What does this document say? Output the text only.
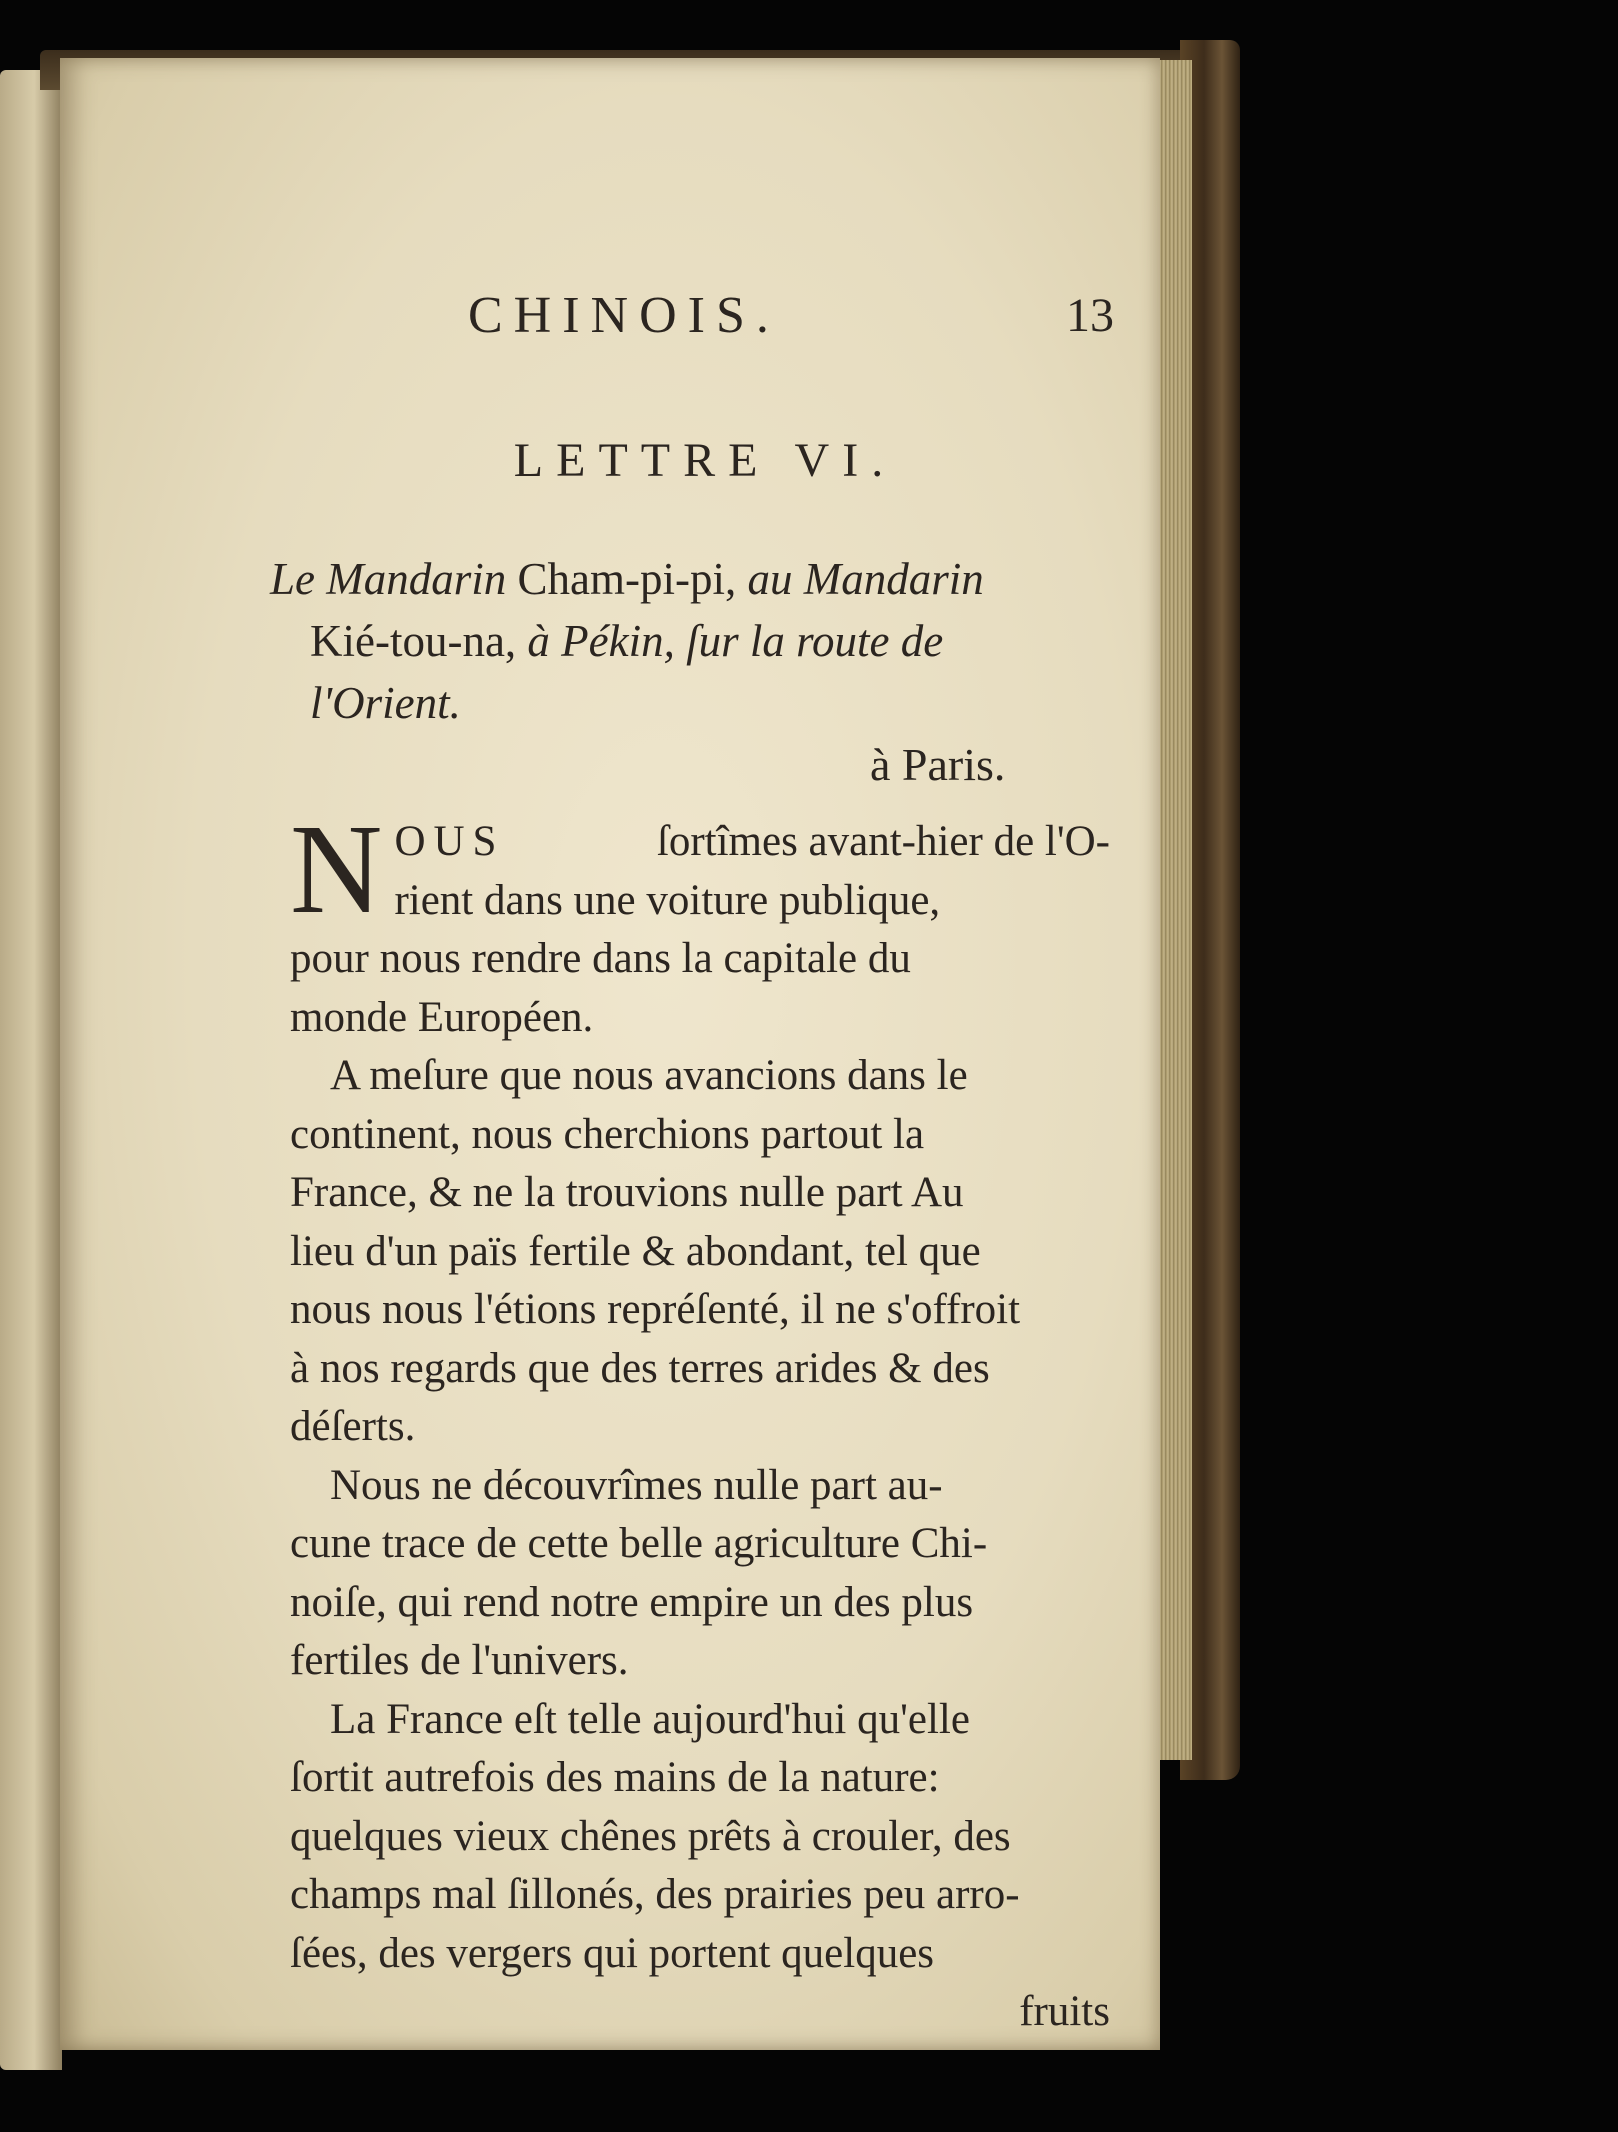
CHINOIS.	13
LETTRE VI.
Le Mandarin Cham-pi-pi, au Mandarin
Kié-tou-na, à Pékin, ſur la route de
l'Orient.
à Paris.
N OUS	ſortîmes avant-hier de l'O-
rient dans une voiture publique,
pour nous rendre dans la capitale du
monde Européen.
A meſure que nous avancions dans le
continent, nous cherchions partout la
France, & ne la trouvions nulle part Au
lieu d'un païs fertile & abondant, tel que
nous nous l'étions repréſenté, il ne s'offroit
à nos regards que des terres arides & des
déſerts.
Nous ne découvrîmes nulle part au-
cune trace de cette belle agriculture Chi-
noiſe, qui rend notre empire un des plus
fertiles de l'univers.
La France eſt telle aujourd'hui qu'elle
ſortit autrefois des mains de la nature:
quelques vieux chênes prêts à crouler, des
champs mal ſillonés, des prairies peu arro-
ſées, des vergers qui portent quelques
fruits
